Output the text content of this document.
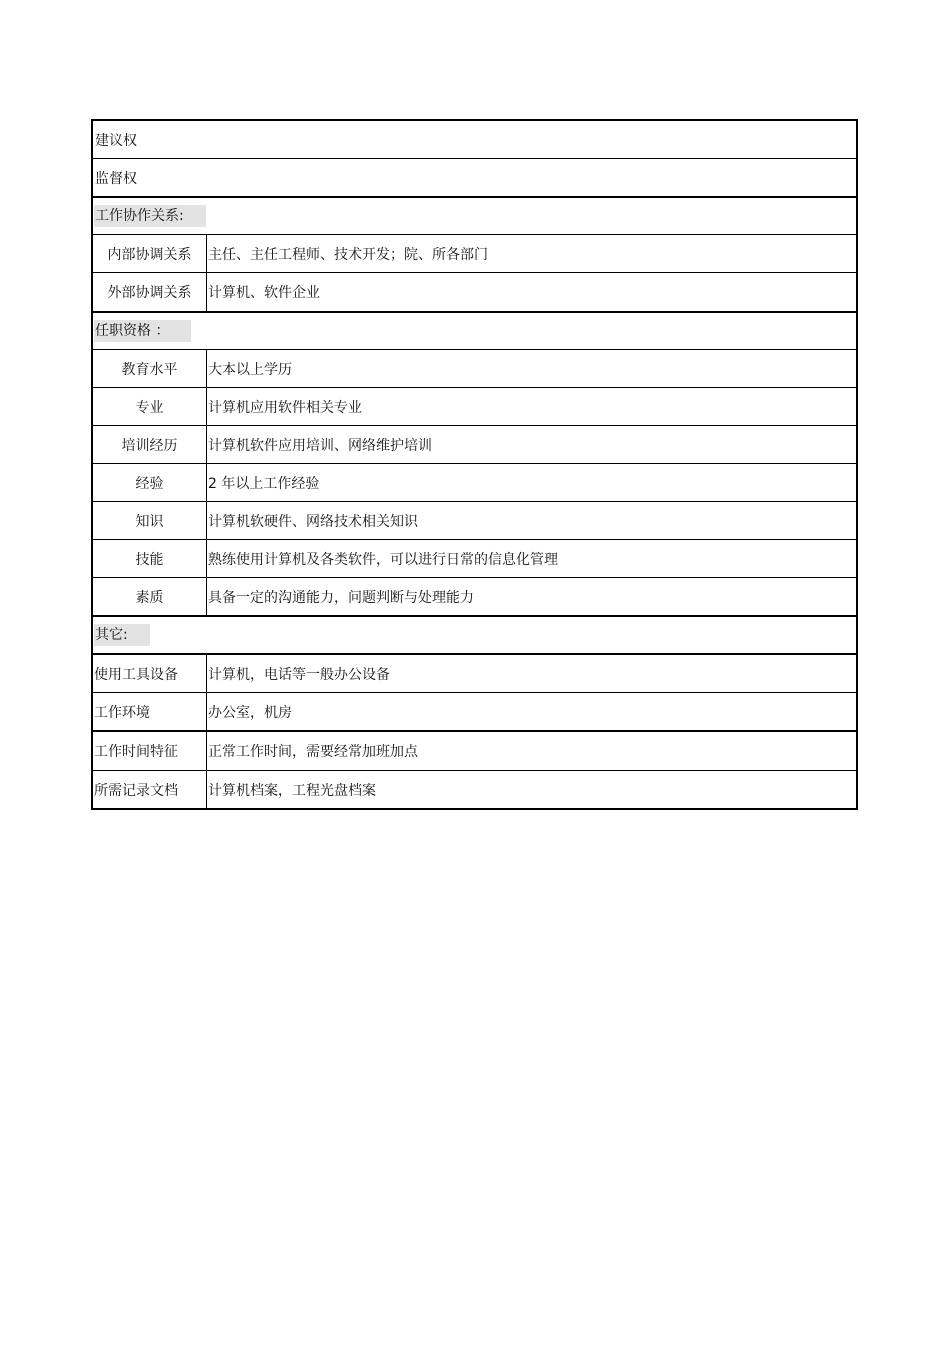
建议权
监督权
工作协作关系:
内部协调关系	主任、主任工程师、技术开发；院、所各部门
外部协调关系	计算机、软件企业
任职资格 ：
教育水平	大本以上学历
专业	计算机应用软件相关专业
培训经历	计算机软件应用培训、网络维护培训
经验	2 年以上工作经验
知识	计算机软硬件、网络技术相关知识
技能	熟练使用计算机及各类软件，可以进行日常的信息化管理
素质	具备一定的沟通能力，问题判断与处理能力
其它:
使用工具设备	计算机，电话等一般办公设备
工作环境	办公室，机房
工作时间特征	正常工作时间，需要经常加班加点
所需记录文档	计算机档案，工程光盘档案
